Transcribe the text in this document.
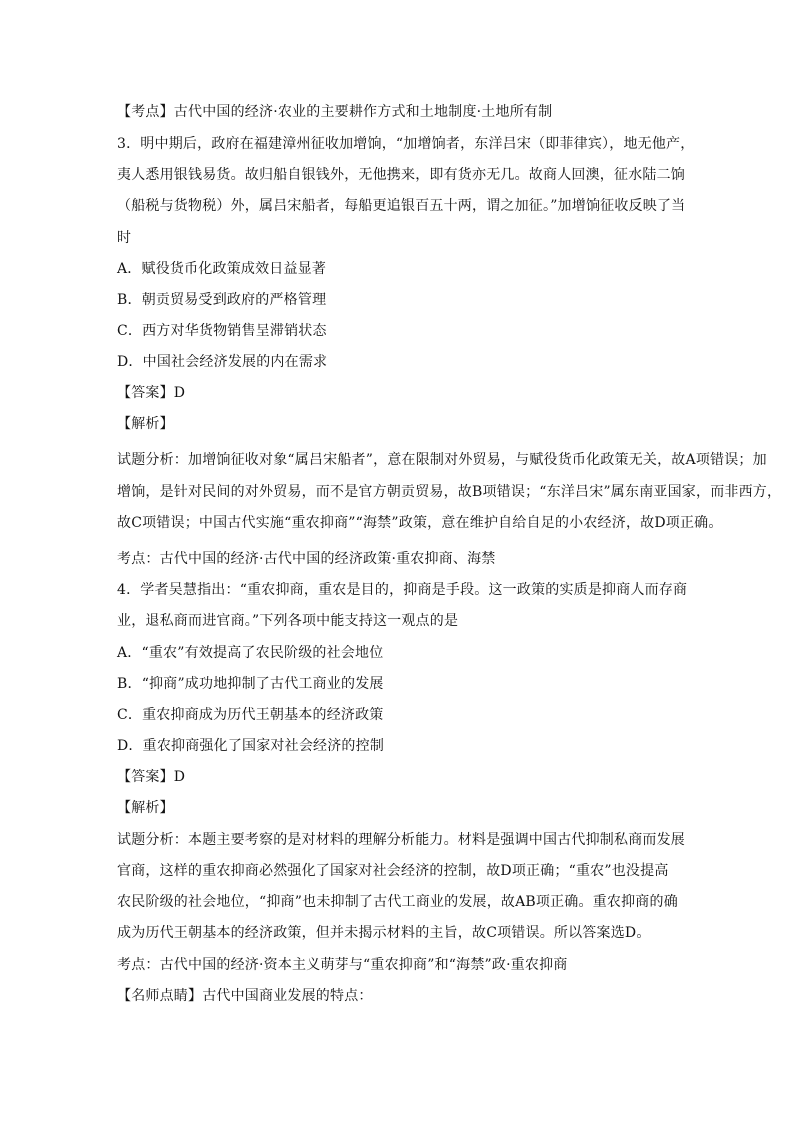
【考点】古代中国的经济·农业的主要耕作方式和土地制度·土地所有制
3．明中期后，政府在福建漳州征收加增饷，“加增饷者，东洋吕宋（即菲律宾），地无他产，
夷人悉用银钱易货。故归船自银钱外，无他携来，即有货亦无几。故商人回澳，征水陆二饷
（船税与货物税）外，属吕宋船者，每船更追银百五十两，谓之加征。”加增饷征收反映了当
时
A．赋役货币化政策成效日益显著
B．朝贡贸易受到政府的严格管理
C．西方对华货物销售呈滞销状态
D．中国社会经济发展的内在需求
【答案】D
【解析】
试题分析：加增饷征收对象“属吕宋船者”，意在限制对外贸易，与赋役货币化政策无关，故A项错误；加
增饷，是针对民间的对外贸易，而不是官方朝贡贸易，故B项错误；“东洋吕宋”属东南亚国家，而非西方，
故C项错误；中国古代实施“重农抑商”“海禁”政策，意在维护自给自足的小农经济，故D项正确。
考点：古代中国的经济·古代中国的经济政策·重农抑商、海禁
4．学者吴慧指出：“重农抑商，重农是目的，抑商是手段。这一政策的实质是抑商人而存商
业，退私商而进官商。”下列各项中能支持这一观点的是
A．“重农”有效提高了农民阶级的社会地位
B．“抑商”成功地抑制了古代工商业的发展
C．重农抑商成为历代王朝基本的经济政策
D．重农抑商强化了国家对社会经济的控制
【答案】D
【解析】
试题分析：本题主要考察的是对材料的理解分析能力。材料是强调中国古代抑制私商而发展
官商，这样的重农抑商必然强化了国家对社会经济的控制，故D项正确；“重农”也没提高
农民阶级的社会地位，“抑商”也未抑制了古代工商业的发展，故AB项正确。重农抑商的确
成为历代王朝基本的经济政策，但并未揭示材料的主旨，故C项错误。所以答案选D。
考点：古代中国的经济·资本主义萌芽与“重农抑商”和“海禁”政·重农抑商
【名师点睛】古代中国商业发展的特点：
